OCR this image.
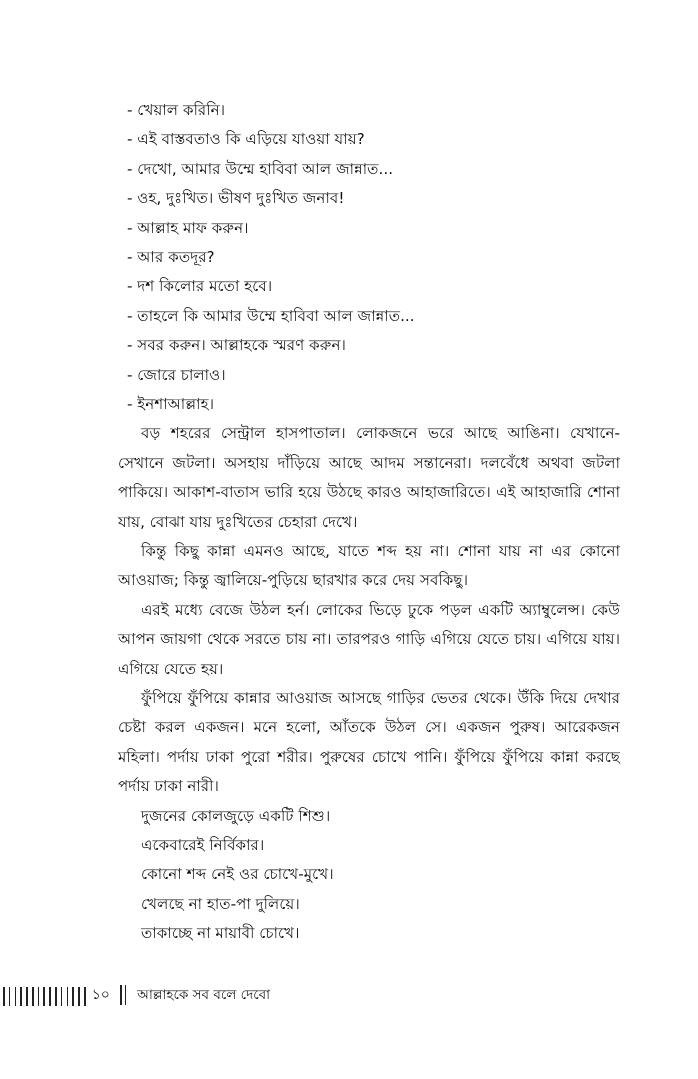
- খেয়াল করিনি।
- এই বাস্তবতাও কি এড়িয়ে যাওয়া যায়?
- দেখো, আমার উম্মে হাবিবা আল জান্নাত...
- ওহ, দুঃখিত। ভীষণ দুঃখিত জনাব!
- আল্লাহ মাফ করুন।
- আর কতদূর?
- দশ কিলোর মতো হবে।
- তাহলে কি আমার উম্মে হাবিবা আল জান্নাত...
- সবর করুন। আল্লাহকে স্মরণ করুন।
- জোরে চালাও।
- ইনশাআল্লাহ।

বড় শহরের সেন্ট্রাল হাসপাতাল। লোকজনে ভরে আছে আঙিনা। যেখানে-সেখানে জটলা। অসহায় দাঁড়িয়ে আছে আদম সন্তানেরা। দলবেঁধে অথবা জটলা পাকিয়ে। আকাশ-বাতাস ভারি হয়ে উঠছে কারও আহাজারিতে। এই আহাজারি শোনা যায়, বোঝা যায় দুঃখিতের চেহারা দেখে।

কিন্তু কিছু কান্না এমনও আছে, যাতে শব্দ হয় না। শোনা যায় না এর কোনো আওয়াজ; কিন্তু জ্বালিয়ে-পুড়িয়ে ছারখার করে দেয় সবকিছু।

এরই মধ্যে বেজে উঠল হর্ন। লোকের ভিড়ে ঢুকে পড়ল একটি অ্যাম্বুলেন্স। কেউ আপন জায়গা থেকে সরতে চায় না। তারপরও গাড়ি এগিয়ে যেতে চায়। এগিয়ে যায়। এগিয়ে যেতে হয়।

ফুঁপিয়ে ফুঁপিয়ে কান্নার আওয়াজ আসছে গাড়ির ভেতর থেকে। উঁকি দিয়ে দেখার চেষ্টা করল একজন। মনে হলো, আঁতকে উঠল সে। একজন পুরুষ। আরেকজন মহিলা। পর্দায় ঢাকা পুরো শরীর। পুরুষের চোখে পানি। ফুঁপিয়ে ফুঁপিয়ে কান্না করছে পর্দায় ঢাকা নারী।

দুজনের কোলজুড়ে একটি শিশু।
একেবারেই নির্বিকার।
কোনো শব্দ নেই ওর চোখে-মুখে।
খেলছে না হাত-পা দুলিয়ে।
তাকাচ্ছে না মায়াবী চোখে।
১০ আল্লাহকে সব বলে দেবো
